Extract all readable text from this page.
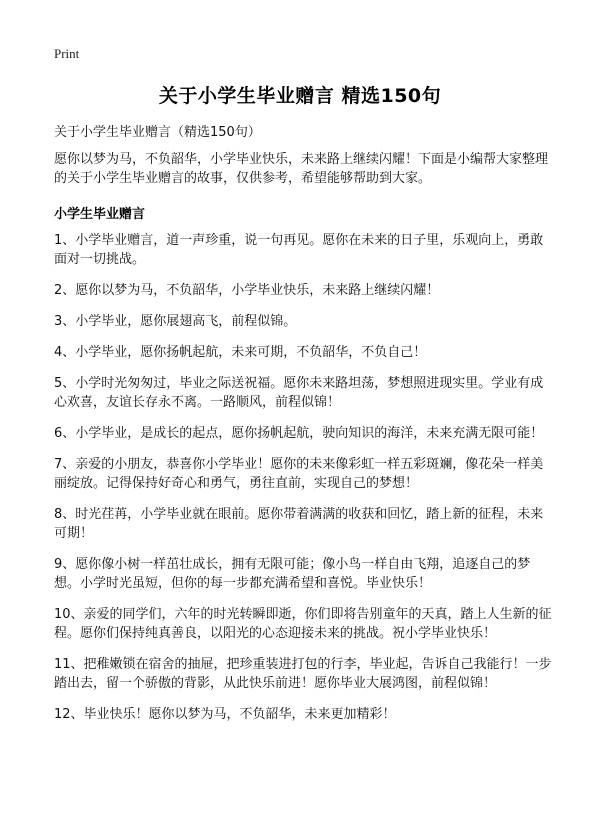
Print
关于小学生毕业赠言 精选150句
关于小学生毕业赠言（精选150句）
愿你以梦为马，不负韶华，小学毕业快乐，未来路上继续闪耀！下面是小编帮大家整理的关于小学生毕业赠言的故事，仅供参考，希望能够帮助到大家。
小学生毕业赠言
1、小学毕业赠言，道一声珍重，说一句再见。愿你在未来的日子里，乐观向上，勇敢面对一切挑战。
2、愿你以梦为马，不负韶华，小学毕业快乐，未来路上继续闪耀！
3、小学毕业，愿你展翅高飞，前程似锦。
4、小学毕业，愿你扬帆起航，未来可期，不负韶华，不负自己！
5、小学时光匆匆过，毕业之际送祝福。愿你未来路坦荡，梦想照进现实里。学业有成心欢喜，友谊长存永不离。一路顺风，前程似锦！
6、小学毕业，是成长的起点，愿你扬帆起航，驶向知识的海洋，未来充满无限可能！
7、亲爱的小朋友，恭喜你小学毕业！愿你的未来像彩虹一样五彩斑斓，像花朵一样美丽绽放。记得保持好奇心和勇气，勇往直前，实现自己的梦想！
8、时光荏苒，小学毕业就在眼前。愿你带着满满的收获和回忆，踏上新的征程，未来可期！
9、愿你像小树一样茁壮成长，拥有无限可能；像小鸟一样自由飞翔，追逐自己的梦想。小学时光虽短，但你的每一步都充满希望和喜悦。毕业快乐！
10、亲爱的同学们，六年的时光转瞬即逝，你们即将告别童年的天真，踏上人生新的征程。愿你们保持纯真善良，以阳光的心态迎接未来的挑战。祝小学毕业快乐！
11、把稚嫩锁在宿舍的抽屉，把珍重装进打包的行李，毕业起，告诉自己我能行！一步踏出去，留一个骄傲的背影，从此快乐前进！愿你毕业大展鸿图，前程似锦！
12、毕业快乐！愿你以梦为马，不负韶华，未来更加精彩！
